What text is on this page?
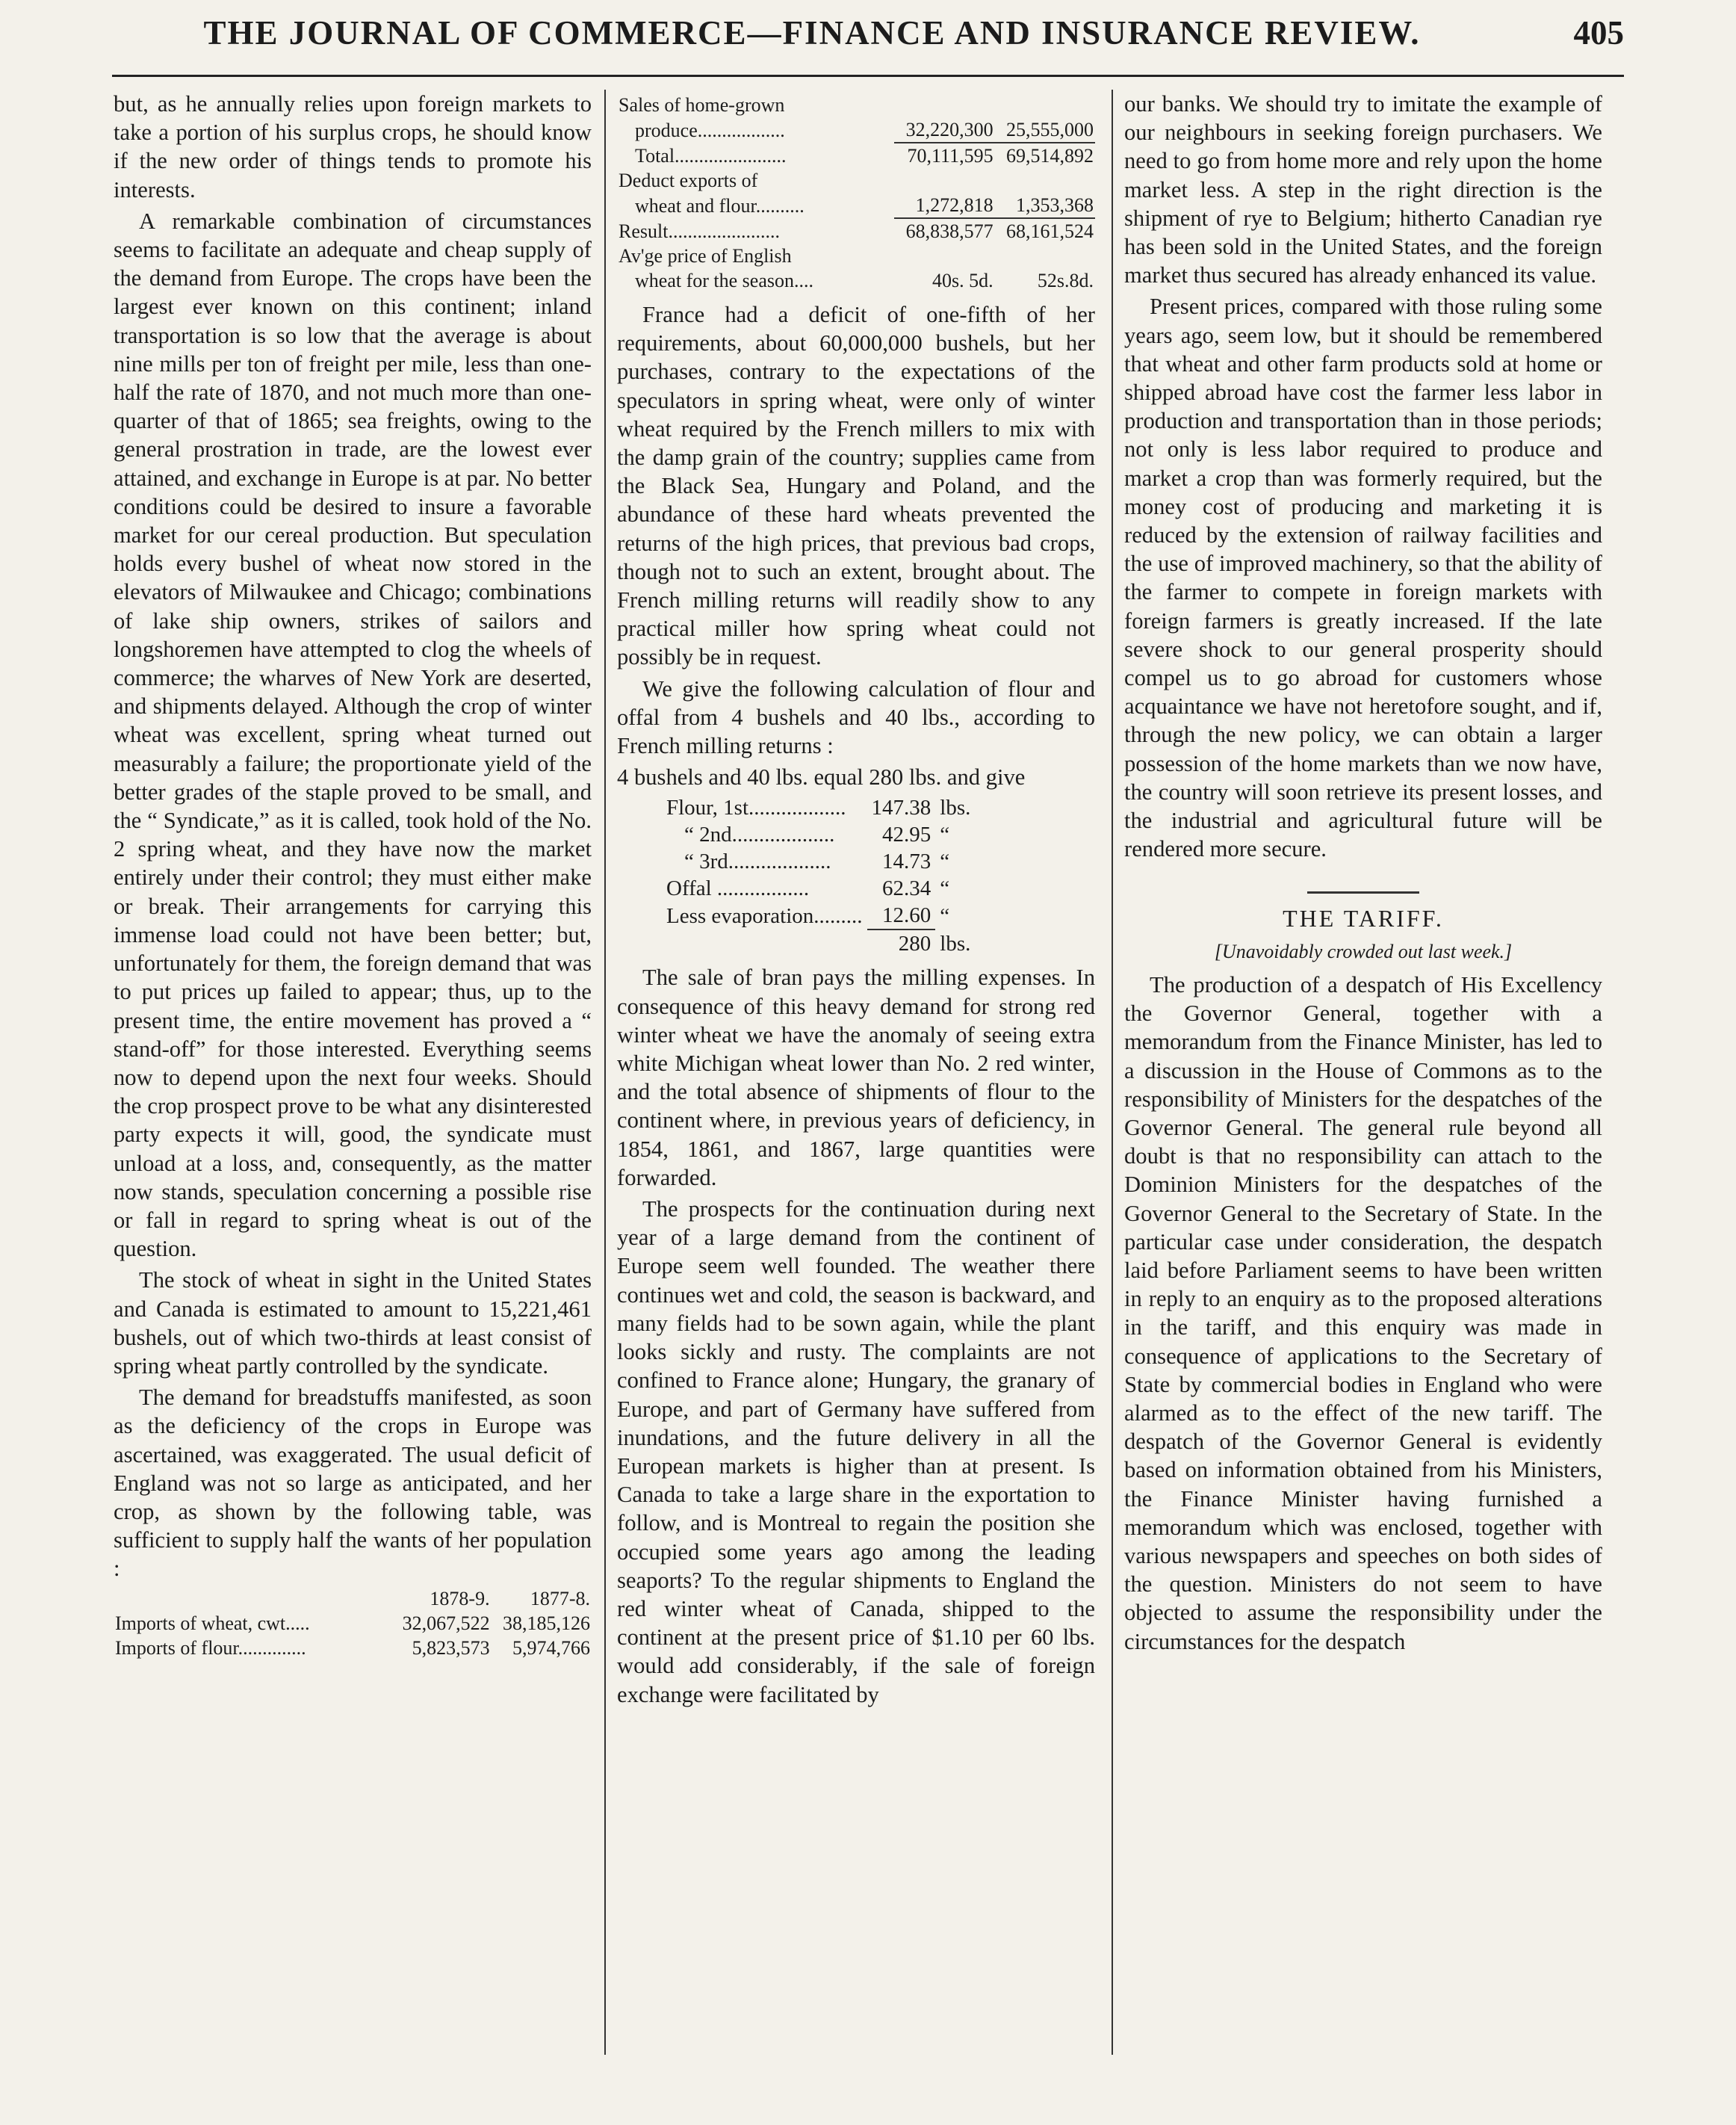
THE JOURNAL OF COMMERCE—FINANCE AND INSURANCE REVIEW.	405

but, as he annually relies upon foreign markets to take a portion of his surplus crops, he should know if the new order of things tends to promote his interests.

A remarkable combination of circumstances seems to facilitate an adequate and cheap supply of the demand from Europe. The crops have been the largest ever known on this continent; inland transportation is so low that the average is about nine mills per ton of freight per mile, less than one-half the rate of 1870, and not much more than one-quarter of that of 1865; sea freights, owing to the general prostration in trade, are the lowest ever attained, and exchange in Europe is at par. No better conditions could be desired to insure a favorable market for our cereal production. But speculation holds every bushel of wheat now stored in the elevators of Milwaukee and Chicago; combinations of lake ship owners, strikes of sailors and longshoremen have attempted to clog the wheels of commerce; the wharves of New York are deserted, and shipments delayed. Although the crop of winter wheat was excellent, spring wheat turned out measurably a failure; the proportionate yield of the better grades of the staple proved to be small, and the “ Syndicate,” as it is called, took hold of the No. 2 spring wheat, and they have now the market entirely under their control; they must either make or break. Their arrangements for carrying this immense load could not have been better; but, unfortunately for them, the foreign demand that was to put prices up failed to appear; thus, up to the present time, the entire movement has proved a “ stand-off” for those interested. Everything seems now to depend upon the next four weeks. Should the crop prospect prove to be what any disinterested party expects it will, good, the syndicate must unload at a loss, and, consequently, as the matter now stands, speculation concerning a possible rise or fall in regard to spring wheat is out of the question.

The stock of wheat in sight in the United States and Canada is estimated to amount to 15,221,461 bushels, out of which two-thirds at least consist of spring wheat partly controlled by the syndicate.

The demand for breadstuffs manifested, as soon as the deficiency of the crops in Europe was ascertained, was exaggerated. The usual deficit of England was not so large as anticipated, and her crop, as shown by the following table, was sufficient to supply half the wants of her population :

	1878-9.	1877-8.
Imports of wheat, cwt.....	32,067,522	38,185,126
Imports of flour..............	5,823,573	5,974,766
Sales of home-grown		
produce..................	32,220,300	25,555,000
Total.......................	70,111,595	69,514,892
Deduct exports of		
wheat and flour..........	1,272,818	1,353,368
Result.......................	68,838,577	68,161,524
Av'ge price of English		
wheat for the season....	40s. 5d.	52s.8d.

France had a deficit of one-fifth of her requirements, about 60,000,000 bushels, but her purchases, contrary to the expectations of the speculators in spring wheat, were only of winter wheat required by the French millers to mix with the damp grain of the country; supplies came from the Black Sea, Hungary and Poland, and the abundance of these hard wheats prevented the returns of the high prices, that previous bad crops, though not to such an extent, brought about. The French milling returns will readily show to any practical miller how spring wheat could not possibly be in request.

We give the following calculation of flour and offal from 4 bushels and 40 lbs., according to French milling returns :

4 bushels and 40 lbs. equal 280 lbs. and give

Flour, 1st..................	147.38	lbs.
“ 2nd...................	42.95	“
“ 3rd...................	14.73	“
Offal .................	62.34	“
Less evaporation.........	12.60	“
	280	lbs.

The sale of bran pays the milling expenses. In consequence of this heavy demand for strong red winter wheat we have the anomaly of seeing extra white Michigan wheat lower than No. 2 red winter, and the total absence of shipments of flour to the continent where, in previous years of deficiency, in 1854, 1861, and 1867, large quantities were forwarded.

The prospects for the continuation during next year of a large demand from the continent of Europe seem well founded. The weather there continues wet and cold, the season is backward, and many fields had to be sown again, while the plant looks sickly and rusty. The complaints are not confined to France alone; Hungary, the granary of Europe, and part of Germany have suffered from inundations, and the future delivery in all the European markets is higher than at present. Is Canada to take a large share in the exportation to follow, and is Montreal to regain the position she occupied some years ago among the leading seaports? To the regular shipments to England the red winter wheat of Canada, shipped to the continent at the present price of $1.10 per 60 lbs. would add considerably, if the sale of foreign exchange were facilitated by

our banks. We should try to imitate the example of our neighbours in seeking foreign purchasers. We need to go from home more and rely upon the home market less. A step in the right direction is the shipment of rye to Belgium; hitherto Canadian rye has been sold in the United States, and the foreign market thus secured has already enhanced its value.

Present prices, compared with those ruling some years ago, seem low, but it should be remembered that wheat and other farm products sold at home or shipped abroad have cost the farmer less labor in production and transportation than in those periods; not only is less labor required to produce and market a crop than was formerly required, but the money cost of producing and marketing it is reduced by the extension of railway facilities and the use of improved machinery, so that the ability of the farmer to compete in foreign markets with foreign farmers is greatly increased. If the late severe shock to our general prosperity should compel us to go abroad for customers whose acquaintance we have not heretofore sought, and if, through the new policy, we can obtain a larger possession of the home markets than we now have, the country will soon retrieve its present losses, and the industrial and agricultural future will be rendered more secure.

THE TARIFF.
[Unavoidably crowded out last week.]

The production of a despatch of His Excellency the Governor General, together with a memorandum from the Finance Minister, has led to a discussion in the House of Commons as to the responsibility of Ministers for the despatches of the Governor General. The general rule beyond all doubt is that no responsibility can attach to the Dominion Ministers for the despatches of the Governor General to the Secretary of State. In the particular case under consideration, the despatch laid before Parliament seems to have been written in reply to an enquiry as to the proposed alterations in the tariff, and this enquiry was made in consequence of applications to the Secretary of State by commercial bodies in England who were alarmed as to the effect of the new tariff. The despatch of the Governor General is evidently based on information obtained from his Ministers, the Finance Minister having furnished a memorandum which was enclosed, together with various newspapers and speeches on both sides of the question. Ministers do not seem to have objected to assume the responsibility under the circumstances for the despatch
